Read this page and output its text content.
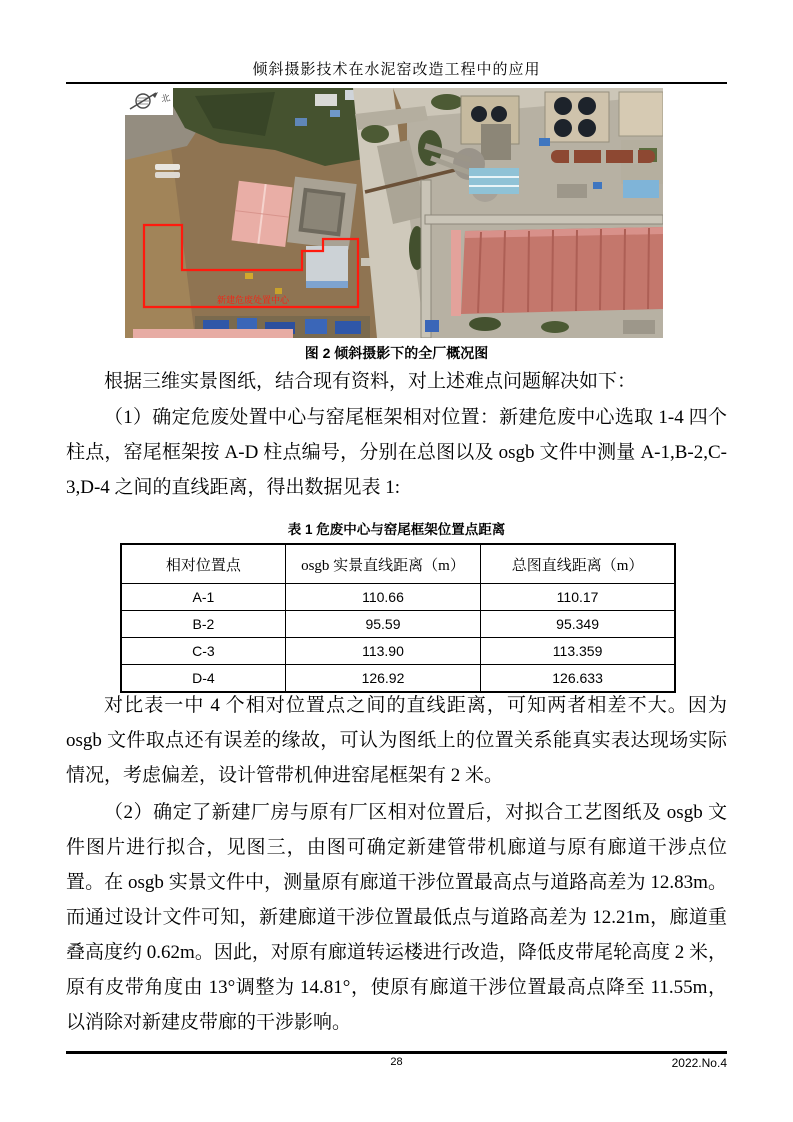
倾斜摄影技术在水泥窑改造工程中的应用
新建危废处置中心
北
图 2 倾斜摄影下的全厂概况图

根据三维实景图纸，结合现有资料，对上述难点问题解决如下：

（1）确定危废处置中心与窑尾框架相对位置：新建危废中心选取 1-4 四个柱点，窑尾框架按 A-D 柱点编号，分别在总图以及 osgb 文件中测量 A-1,B-2,C-3,D-4 之间的直线距离，得出数据见表 1:

表 1 危废中心与窑尾框架位置点距离
相对位置点	osgb 实景直线距离（m）	总图直线距离（m）
A-1	110.66	110.17
B-2	95.59	95.349
C-3	113.90	113.359
D-4	126.92	126.633

对比表一中 4 个相对位置点之间的直线距离，可知两者相差不大。因为 osgb 文件取点还有误差的缘故，可认为图纸上的位置关系能真实表达现场实际情况，考虑偏差，设计管带机伸进窑尾框架有 2 米。

（2）确定了新建厂房与原有厂区相对位置后，对拟合工艺图纸及 osgb 文件图片进行拟合，见图三，由图可确定新建管带机廊道与原有廊道干涉点位置。在 osgb 实景文件中，测量原有廊道干涉位置最高点与道路高差为 12.83m。而通过设计文件可知，新建廊道干涉位置最低点与道路高差为 12.21m，廊道重叠高度约 0.62m。因此，对原有廊道转运楼进行改造，降低皮带尾轮高度 2 米，原有皮带角度由 13°调整为 14.81°，使原有廊道干涉位置最高点降至 11.55m，以消除对新建皮带廊的干涉影响。

28	2022.No.4
